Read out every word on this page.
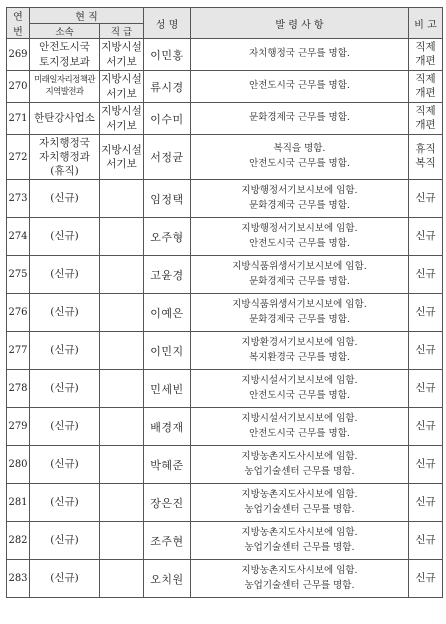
연
번	현 직		성 명	발 령 사 항	비 고
	소속	직 급			
269	안전도시국
토지정보과	지방시설
서기보	이민홍	자치행정국 근무를 명함.	직제
개편

270	미래일자리정책관
지역발전과	지방시설
서기보	류시경	안전도시국 근무를 명함.	직제
개편

271	한탄강사업소	지방시설
서기보	이수미	문화경제국 근무를 명함.	직제
개편

272	자치행정국
자치행정과
(휴직)	지방시설
서기보	서정균	복직을 명함.
안전도시국 근무를 명함.	휴직
복직

273	(신규)		임정택	지방행정서기보시보에 임함.
문화경제국 근무를 명함.	신규

274	(신규)		오주형	지방행정서기보시보에 임함.
안전도시국 근무를 명함.	신규

275	(신규)		고윤경	지방식품위생서기보시보에 임함.
문화경제국 근무를 명함.	신규

276	(신규)		이예은	지방식품위생서기보시보에 임함.
문화경제국 근무를 명함.	신규

277	(신규)		이민지	지방환경서기보시보에 임함.
복지환경국 근무를 명함.	신규

278	(신규)		민세빈	지방시설서기보시보에 임함.
안전도시국 근무를 명함.	신규

279	(신규)		배경재	지방시설서기보시보에 임함.
안전도시국 근무를 명함.	신규

280	(신규)		박혜준	지방농촌지도사시보에 임함.
농업기술센터 근무를 명함.	신규

281	(신규)		장은진	지방농촌지도사시보에 임함.
농업기술센터 근무를 명함.	신규

282	(신규)		조주현	지방농촌지도사시보에 임함.
농업기술센터 근무를 명함.	신규

283	(신규)		오치원	지방농촌지도사시보에 임함.
농업기술센터 근무를 명함.	신규
